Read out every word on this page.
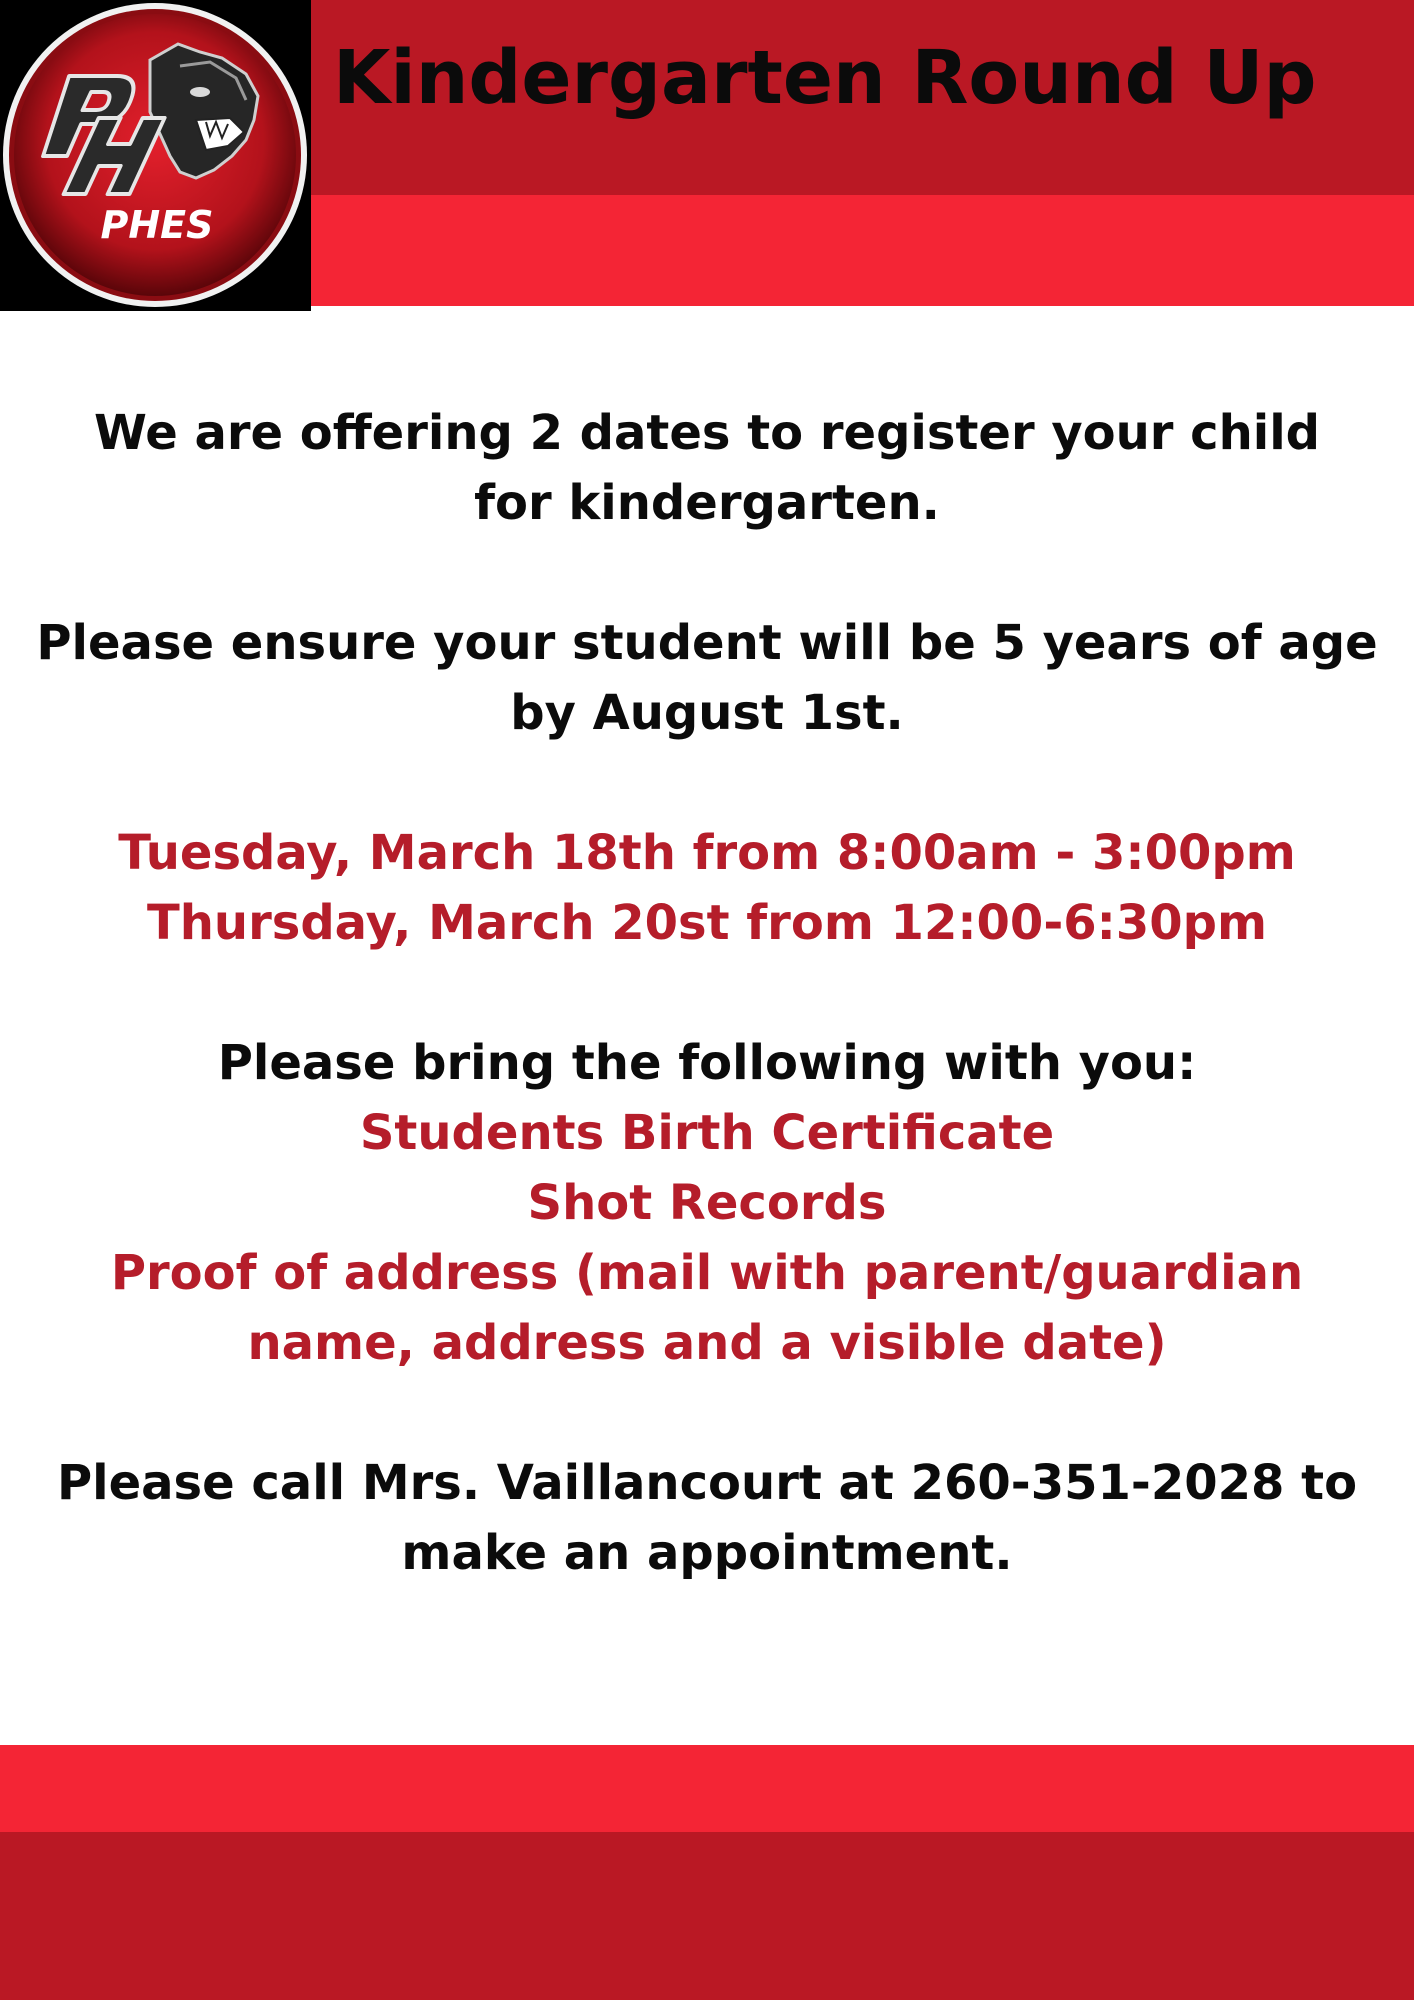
PHES
Kindergarten Round Up

We are offering 2 dates to register your child for kindergarten.

Please ensure your student will be 5 years of age by August 1st.

Tuesday, March 18th from 8:00am - 3:00pm

Thursday, March 20st from 12:00-6:30pm

Please bring the following with you:

Students Birth Certificate

Shot Records

Proof of address (mail with parent/guardian name, address and a visible date)

Please call Mrs. Vaillancourt at 260-351-2028 to make an appointment.
